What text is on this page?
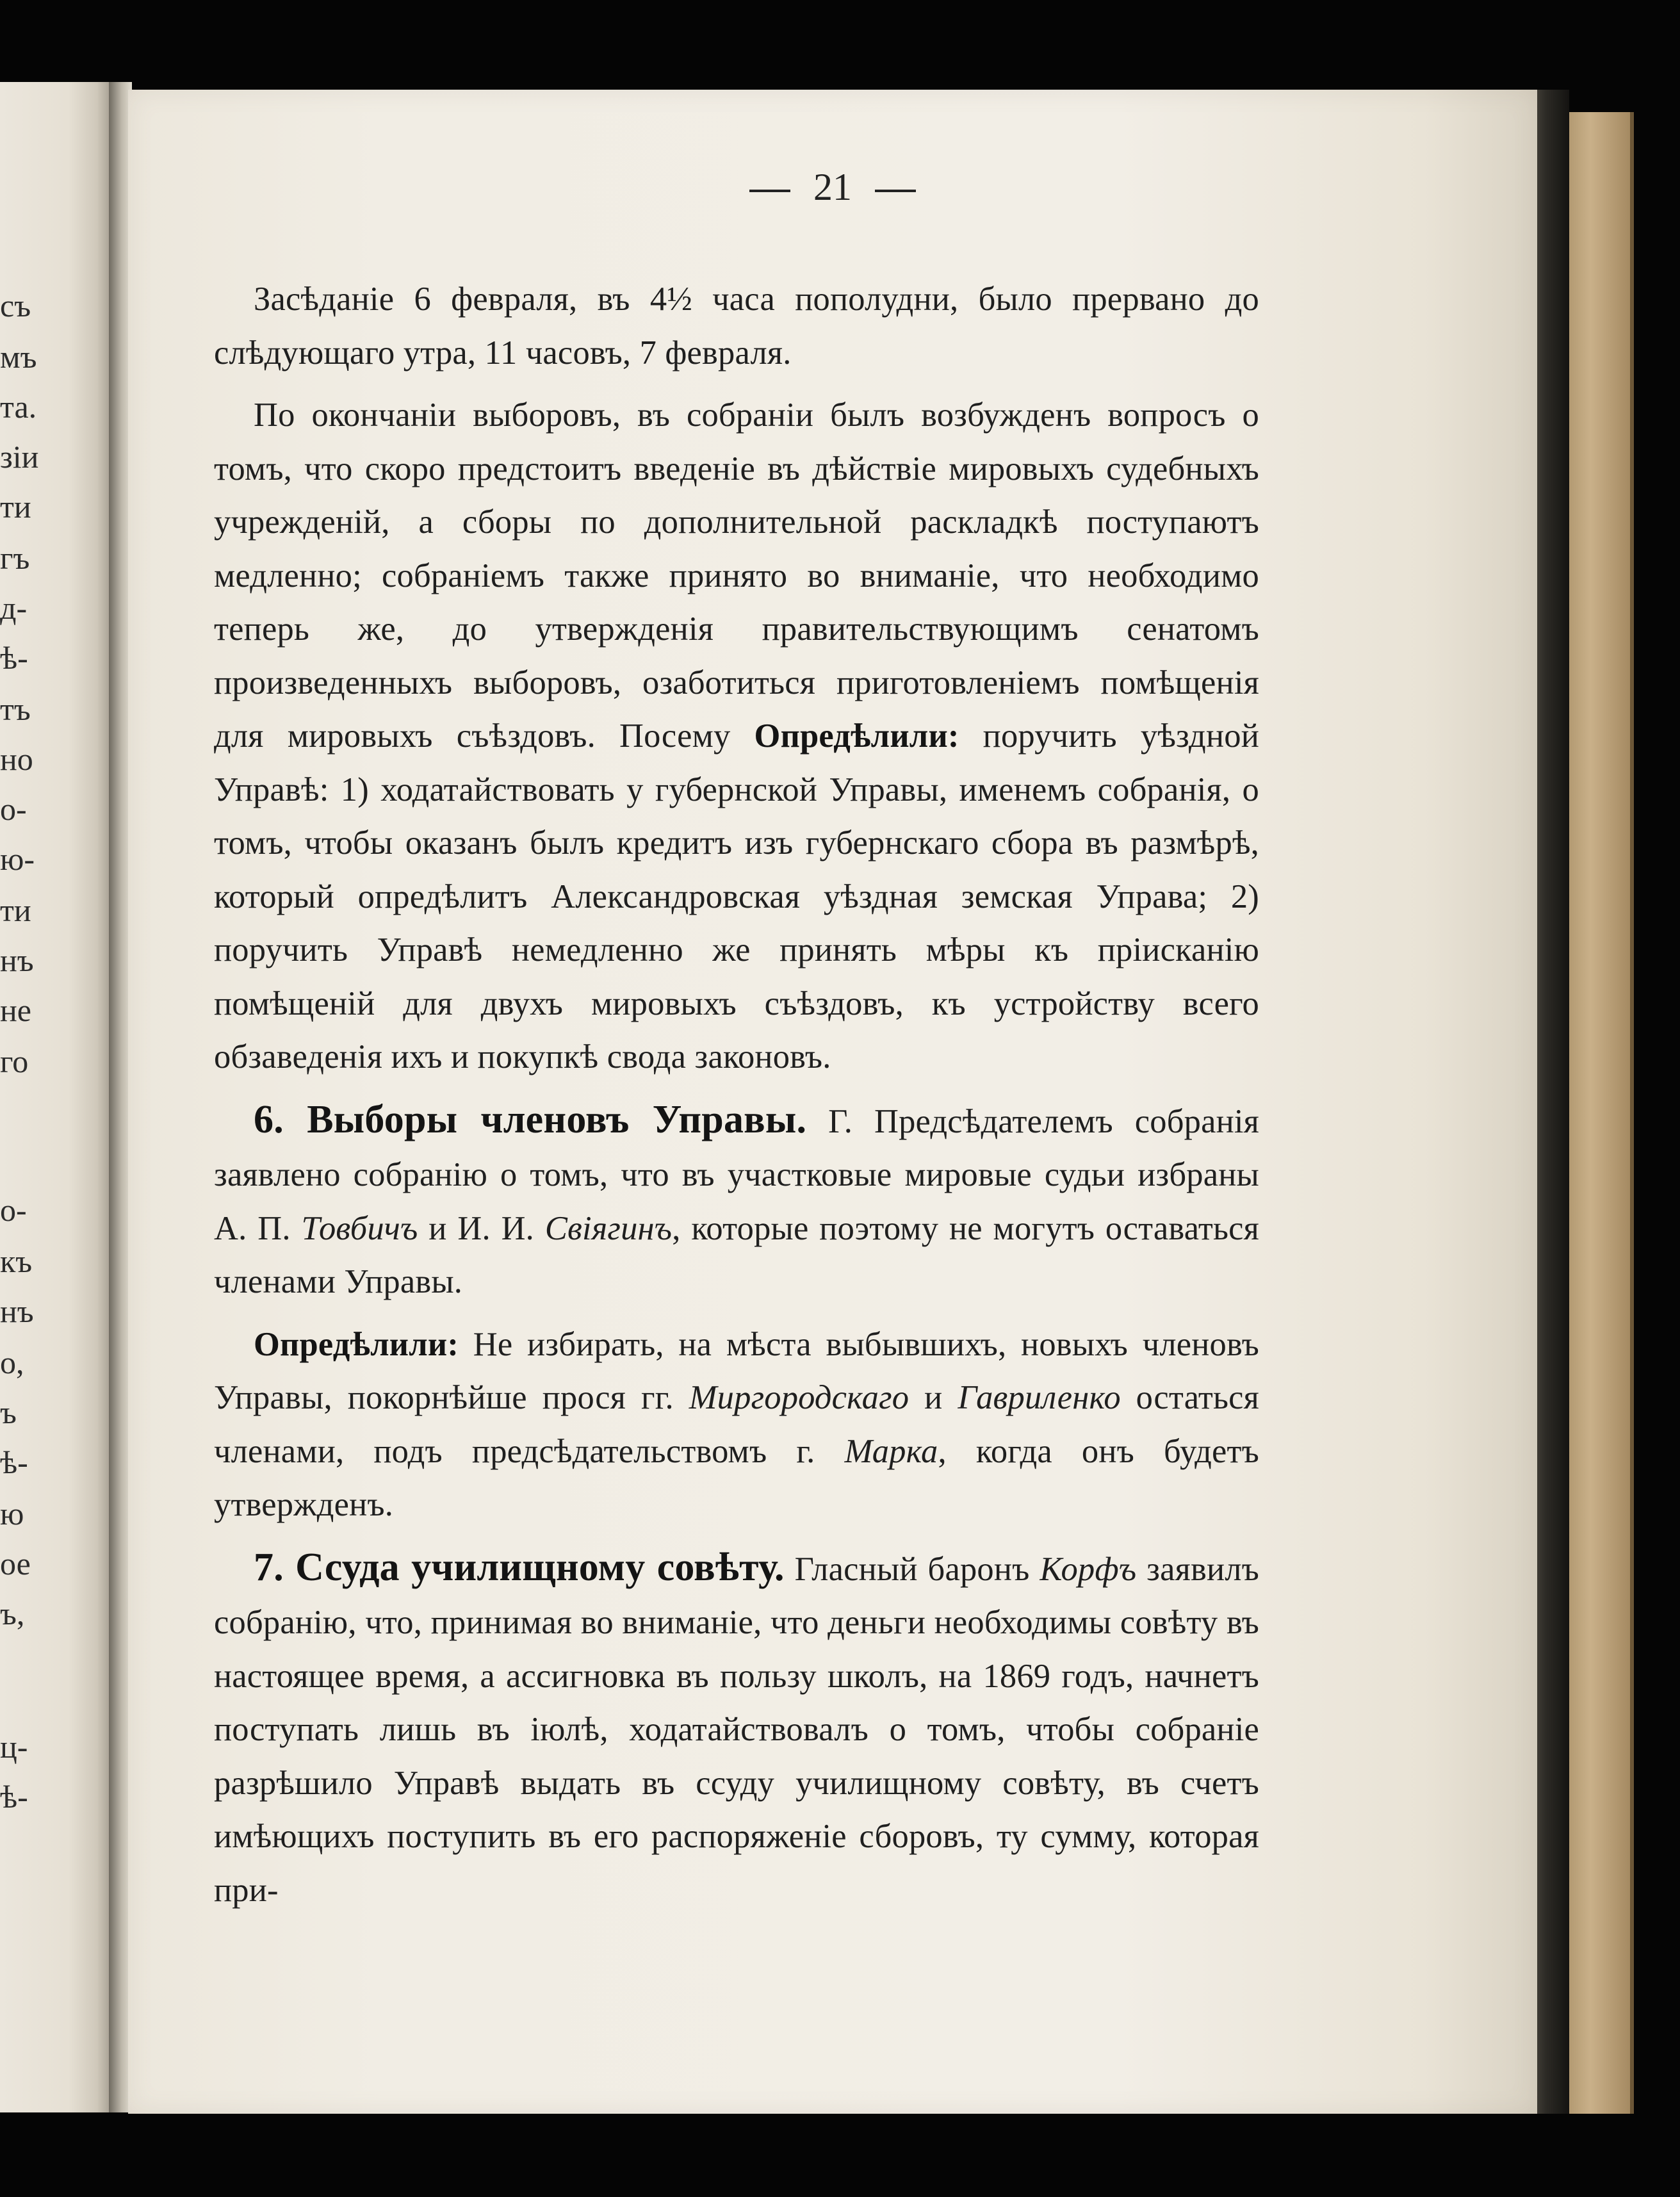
съ
мъ
та.
зіи
ти
гъ
д-
ѣ-
тъ
но
о-
ю-
ти
нъ
не
го
о-
къ
нъ
о,
ъ
ѣ-
ю
ое
ъ,
ц-
ѣ-
21

Засѣданіе 6 февраля, въ 4½ часа пополудни, было прервано до слѣдующаго утра, 11 часовъ, 7 февраля.

По окончаніи выборовъ, въ собраніи былъ возбужденъ вопросъ о томъ, что скоро предстоитъ введеніе въ дѣйствіе мировыхъ судебныхъ учрежденій, а сборы по дополнительной раскладкѣ поступаютъ медленно; собраніемъ также принято во вниманіе, что необходимо теперь же, до утвержденія правительствующимъ сенатомъ произведенныхъ выборовъ, озаботиться приготовленіемъ помѣщенія для мировыхъ съѣздовъ. Посему Опредѣлили: поручить уѣздной Управѣ: 1) ходатайствовать у губернской Управы, именемъ собранія, о томъ, чтобы оказанъ былъ кредитъ изъ губернскаго сбора въ размѣрѣ, который опредѣлитъ Александровская уѣздная земская Управа; 2) поручить Управѣ немедленно же принять мѣры къ пріисканію помѣщеній для двухъ мировыхъ съѣздовъ, къ устройству всего обзаведенія ихъ и покупкѣ свода законовъ.

6. Выборы членовъ Управы. Г. Предсѣдателемъ собранія заявлено собранію о томъ, что въ участковые мировые судьи избраны А. П. Товбичъ и И. И. Свіягинъ, которые поэтому не могутъ оставаться членами Управы.

Опредѣлили: Не избирать, на мѣста выбывшихъ, новыхъ членовъ Управы, покорнѣйше прося гг. Миргородскаго и Гавриленко остаться членами, подъ предсѣдательствомъ г. Марка, когда онъ будетъ утвержденъ.

7. Ссуда училищному совѣту. Гласный баронъ Корфъ заявилъ собранію, что, принимая во вниманіе, что деньги необходимы совѣту въ настоящее время, а ассигновка въ пользу школъ, на 1869 годъ, начнетъ поступать лишь въ іюлѣ, ходатайствовалъ о томъ, чтобы собраніе разрѣшило Управѣ выдать въ ссуду училищному совѣту, въ счетъ имѣющихъ поступить въ его распоряженіе сборовъ, ту сумму, которая при-
